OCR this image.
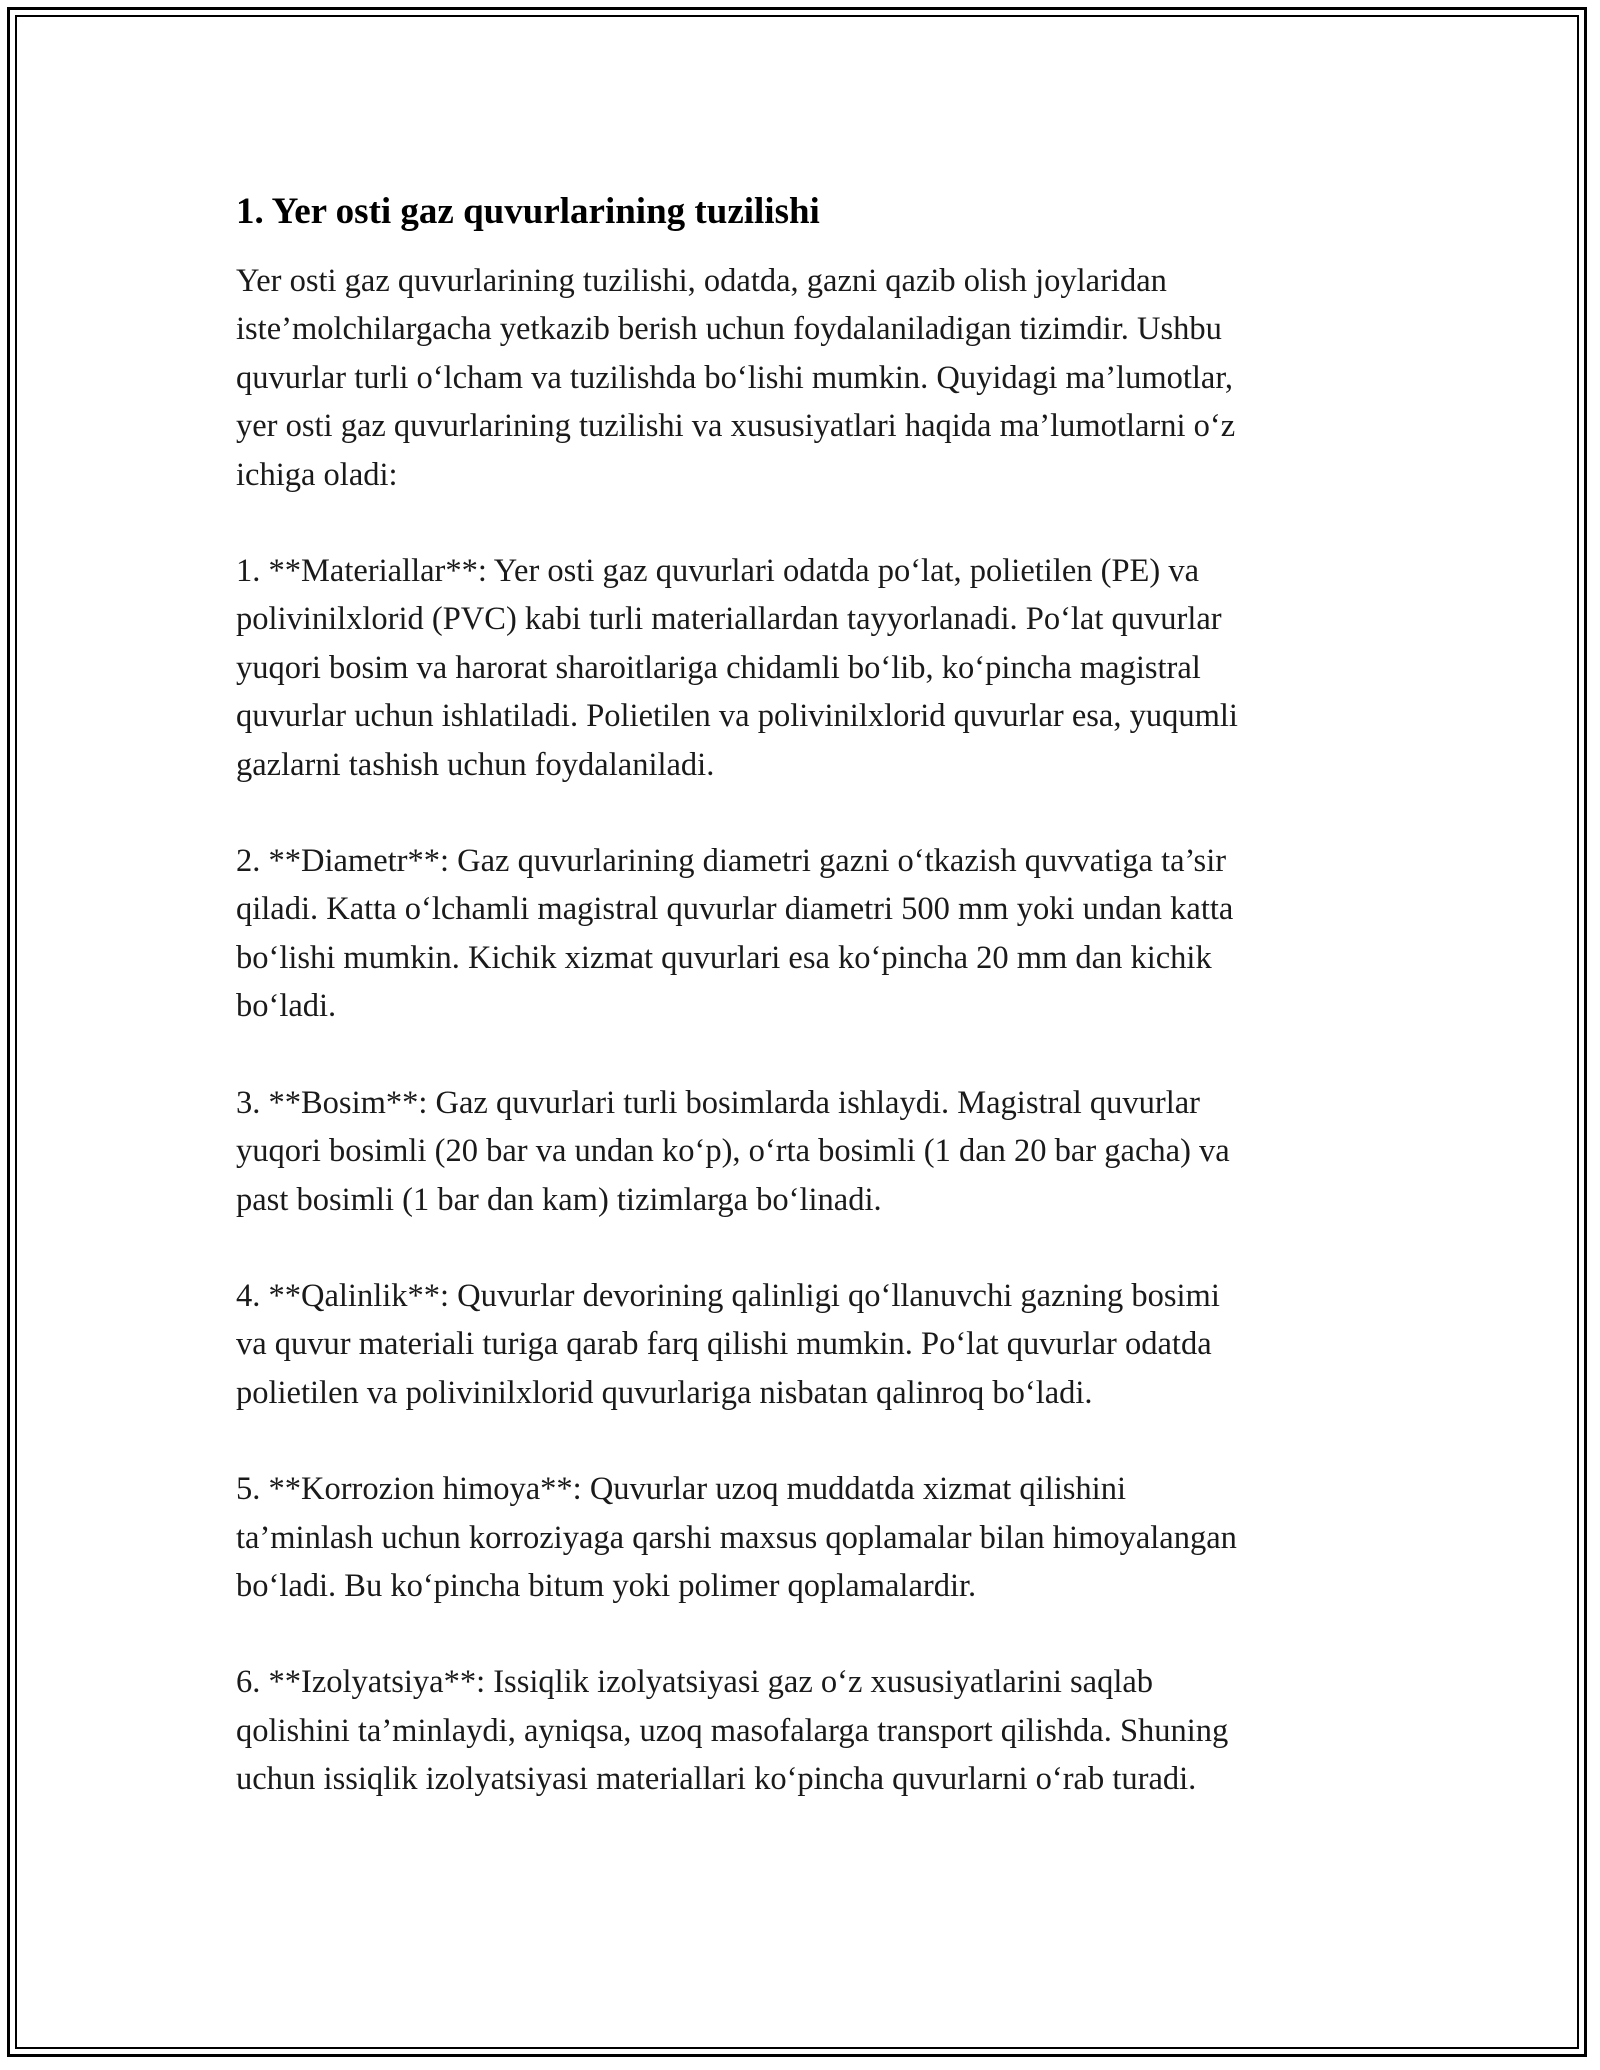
1. Yer osti gaz quvurlarining tuzilishi

Yer osti gaz quvurlarining tuzilishi, odatda, gazni qazib olish joylaridan
iste’molchilargacha yetkazib berish uchun foydalaniladigan tizimdir. Ushbu
quvurlar turli o‘lcham va tuzilishda bo‘lishi mumkin. Quyidagi ma’lumotlar,
yer osti gaz quvurlarining tuzilishi va xususiyatlari haqida ma’lumotlarni o‘z
ichiga oladi:

1. **Materiallar**: Yer osti gaz quvurlari odatda po‘lat, polietilen (PE) va
polivinilxlorid (PVC) kabi turli materiallardan tayyorlanadi. Po‘lat quvurlar
yuqori bosim va harorat sharoitlariga chidamli bo‘lib, ko‘pincha magistral
quvurlar uchun ishlatiladi. Polietilen va polivinilxlorid quvurlar esa, yuqumli
gazlarni tashish uchun foydalaniladi.

2. **Diametr**: Gaz quvurlarining diametri gazni o‘tkazish quvvatiga ta’sir
qiladi. Katta o‘lchamli magistral quvurlar diametri 500 mm yoki undan katta
bo‘lishi mumkin. Kichik xizmat quvurlari esa ko‘pincha 20 mm dan kichik
bo‘ladi.

3. **Bosim**: Gaz quvurlari turli bosimlarda ishlaydi. Magistral quvurlar
yuqori bosimli (20 bar va undan ko‘p), o‘rta bosimli (1 dan 20 bar gacha) va
past bosimli (1 bar dan kam) tizimlarga bo‘linadi.

4. **Qalinlik**: Quvurlar devorining qalinligi qo‘llanuvchi gazning bosimi
va quvur materiali turiga qarab farq qilishi mumkin. Po‘lat quvurlar odatda
polietilen va polivinilxlorid quvurlariga nisbatan qalinroq bo‘ladi.

5. **Korrozion himoya**: Quvurlar uzoq muddatda xizmat qilishini
ta’minlash uchun korroziyaga qarshi maxsus qoplamalar bilan himoyalangan
bo‘ladi. Bu ko‘pincha bitum yoki polimer qoplamalardir.

6. **Izolyatsiya**: Issiqlik izolyatsiyasi gaz o‘z xususiyatlarini saqlab
qolishini ta’minlaydi, ayniqsa, uzoq masofalarga transport qilishda. Shuning
uchun issiqlik izolyatsiyasi materiallari ko‘pincha quvurlarni o‘rab turadi.
